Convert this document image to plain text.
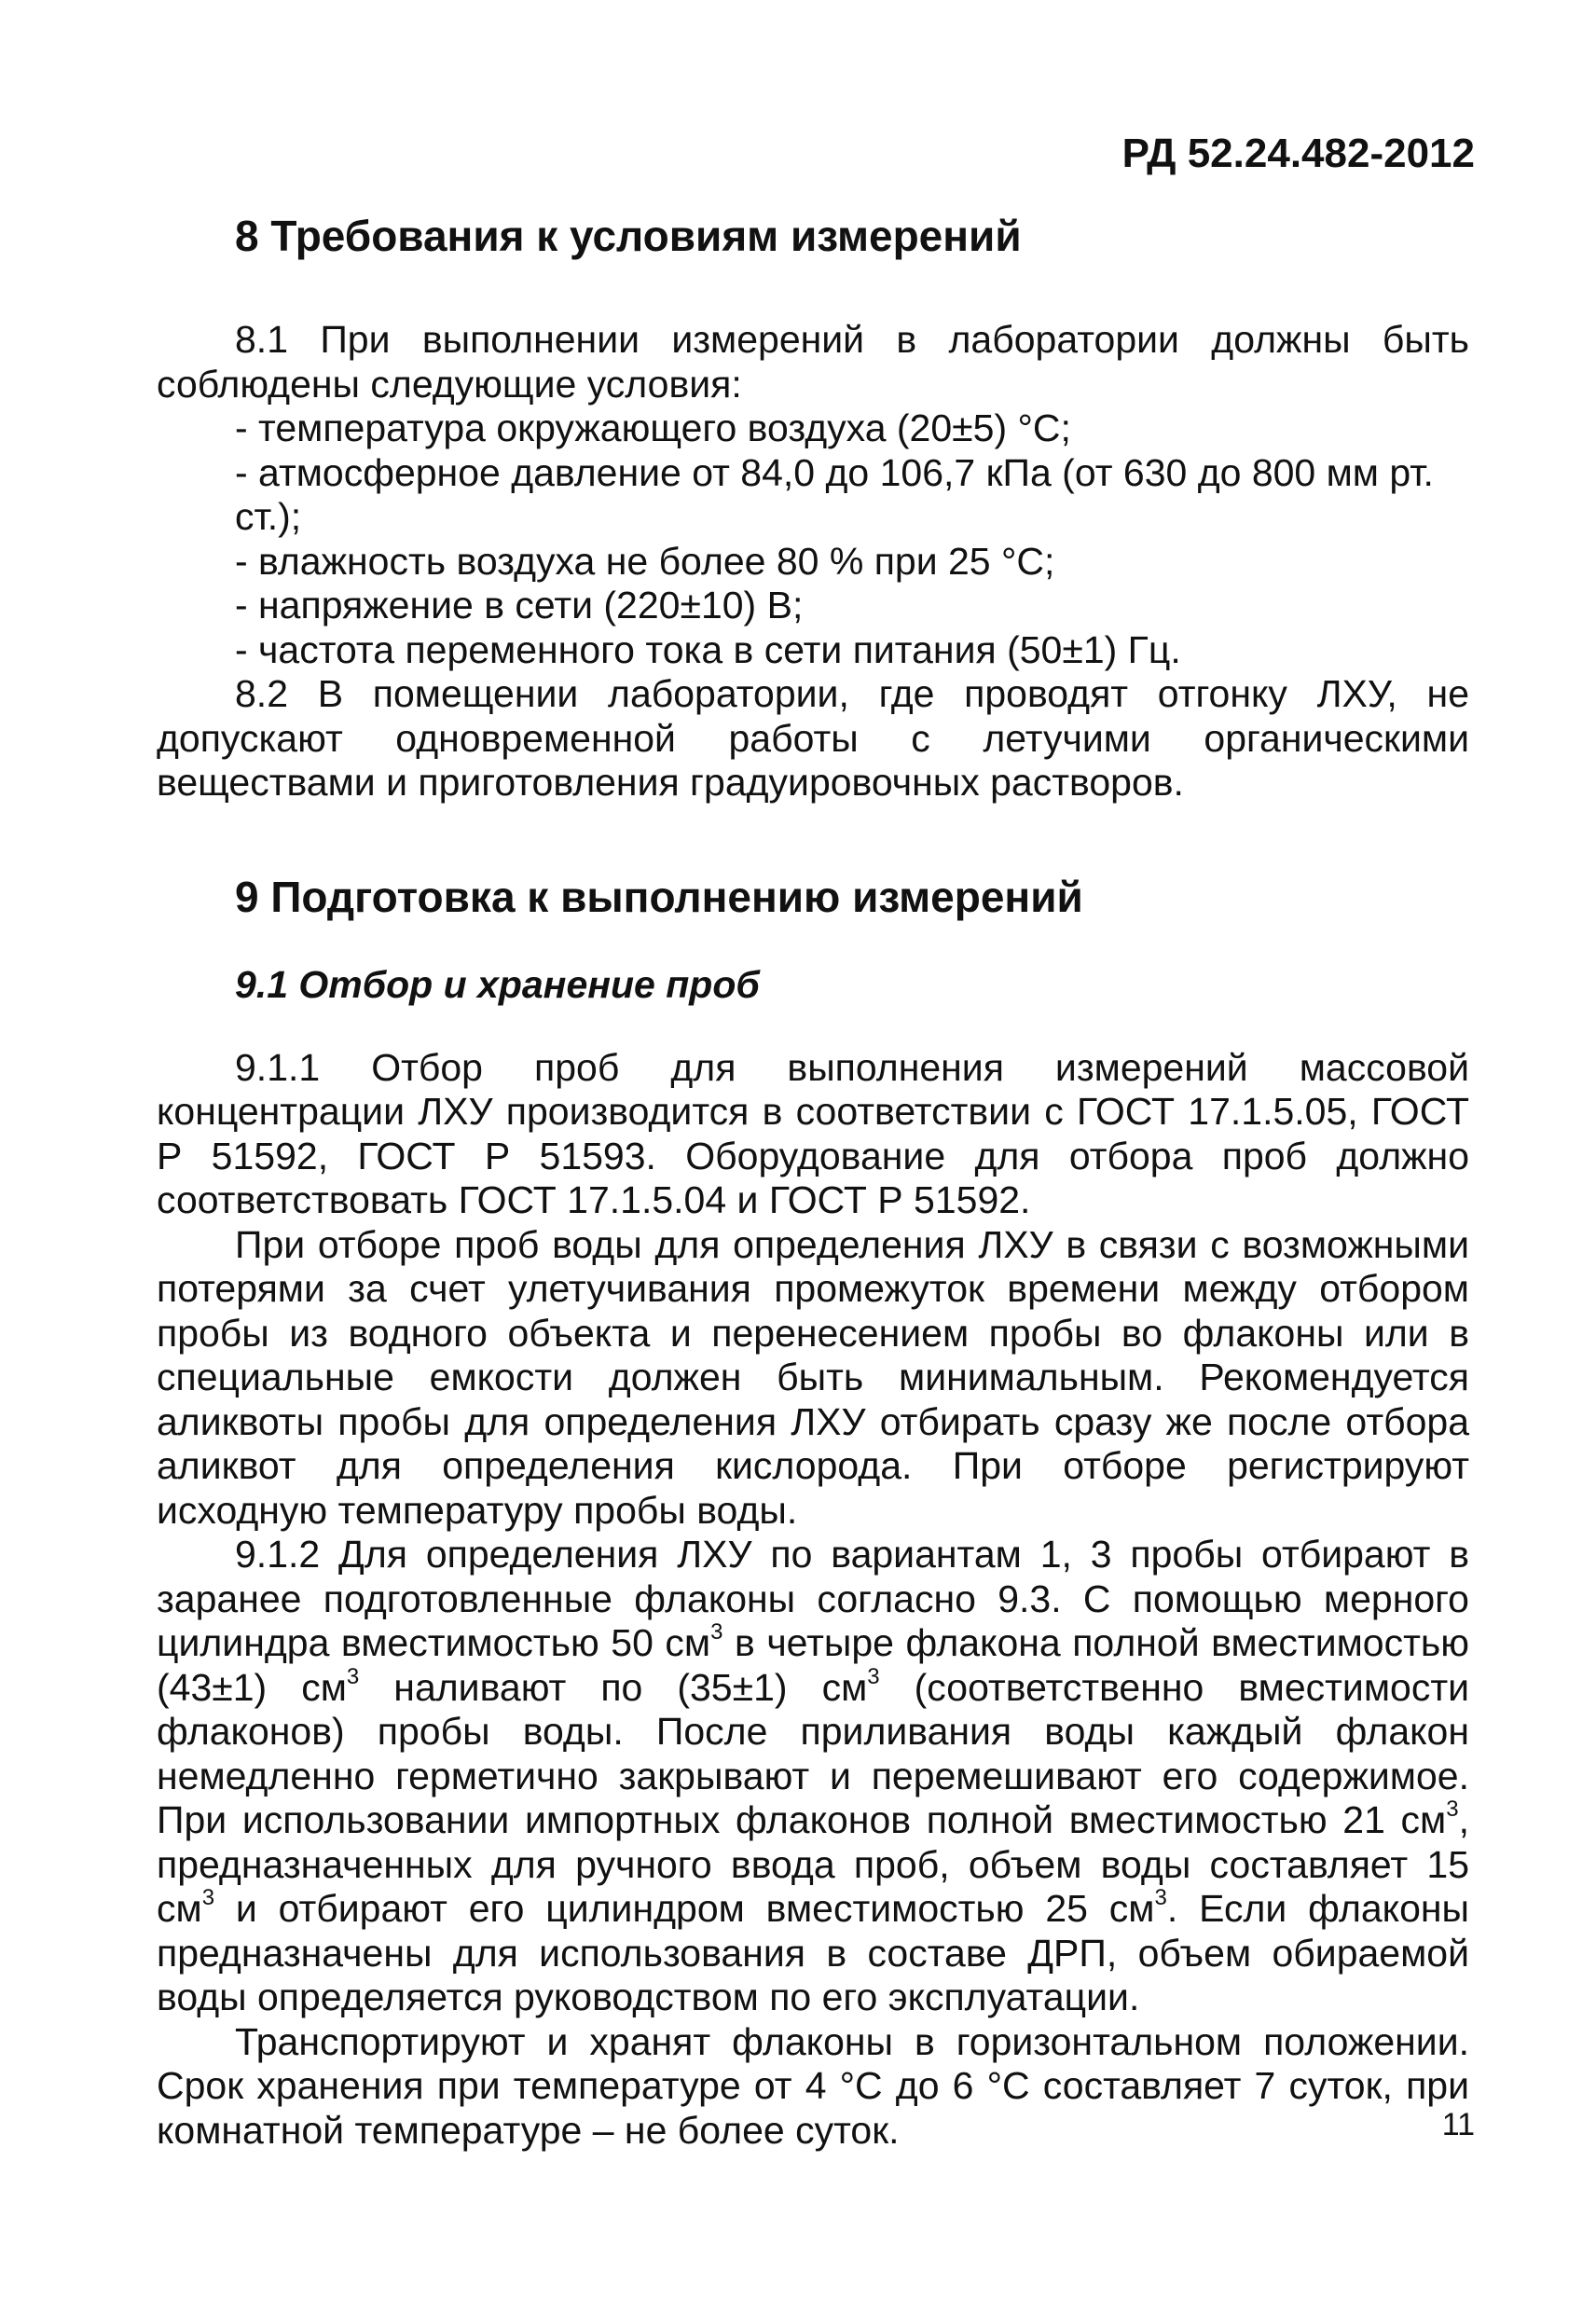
РД 52.24.482-2012
8 Требования к условиям измерений

8.1 При выполнении измерений в лаборатории должны быть соблюдены следующие условия:

- температура окружающего воздуха (20±5) °С;

- атмосферное давление от 84,0 до 106,7 кПа (от 630 до 800 мм рт. ст.);

- влажность воздуха не более 80 % при 25 °С;

- напряжение в сети (220±10) В;

- частота переменного тока в сети питания (50±1) Гц.

8.2 В помещении лаборатории, где проводят отгонку ЛХУ, не допускают одновременной работы с летучими органическими веществами и приготовления градуировочных растворов.

9 Подготовка к выполнению измерений
9.1 Отбор и хранение проб

9.1.1 Отбор проб для выполнения измерений массовой концентрации ЛХУ производится в соответствии с ГОСТ 17.1.5.05, ГОСТ Р 51592, ГОСТ Р 51593. Оборудование для отбора проб должно соответствовать ГОСТ 17.1.5.04 и ГОСТ Р 51592.

При отборе проб воды для определения ЛХУ в связи с возможными потерями за счет улетучивания промежуток времени между отбором пробы из водного объекта и перенесением пробы во флаконы или в специальные емкости должен быть минимальным. Рекомендуется аликвоты пробы для определения ЛХУ отбирать сразу же после отбора аликвот для определения кислорода. При отборе регистрируют исходную температуру пробы воды.

9.1.2 Для определения ЛХУ по вариантам 1, 3 пробы отбирают в заранее подготовленные флаконы согласно 9.3. С помощью мерного цилиндра вместимостью 50 $см^3$ в четыре флакона полной вместимостью (43±1) $см^3$ наливают по (35±1) $см^3$ (соответственно вместимости флаконов) пробы воды. После приливания воды каждый флакон немедленно герметично закрывают и перемешивают его содержимое. При использовании импортных флаконов полной вместимостью 21 $см^3$, предназначенных для ручного ввода проб, объем воды составляет 15 $см^3$ и отбирают его цилиндром вместимостью 25 $см^3$. Если флаконы предназначены для использования в составе ДРП, объем обираемой воды определяется руководством по его эксплуатации.

Транспортируют и хранят флаконы в горизонтальном положении. Срок хранения при температуре от 4 °С до 6 °С составляет 7 суток, при комнатной температуре – не более суток.	11
